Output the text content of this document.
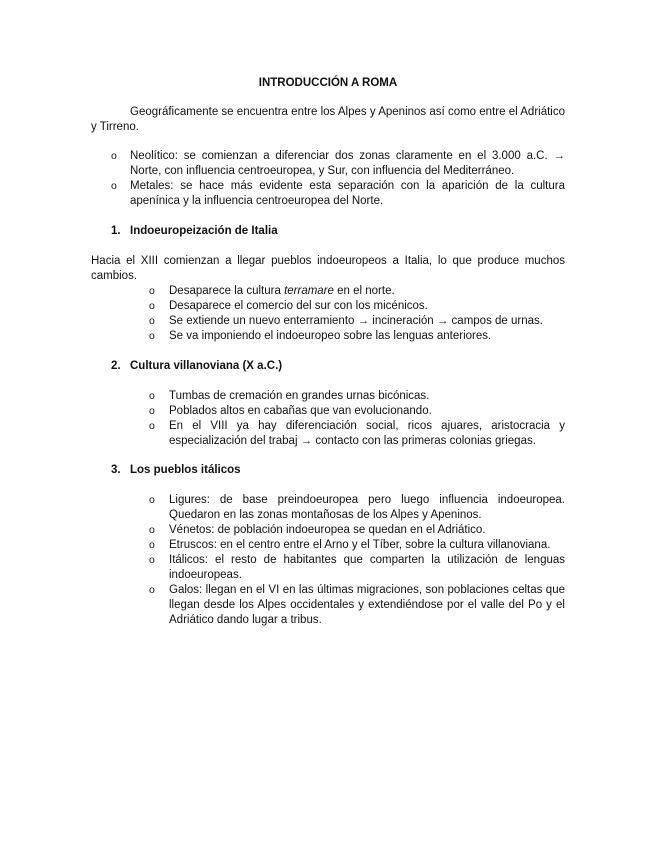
INTRODUCCIÓN A ROMA

Geográficamente se encuentra entre los Alpes y Apeninos así como entre el Adriático y Tirreno.

o Neolítico: se comienzan a diferenciar dos zonas claramente en el 3.000 a.C. → Norte, con influencia centroeuropea, y Sur, con influencia del Mediterráneo.
o Metales: se hace más evidente esta separación con la aparición de la cultura apenínica y la influencia centroeuropea del Norte.

1. Indoeuropeización de Italia

Hacia el XIII comienzan a llegar pueblos indoeuropeos a Italia, lo que produce muchos cambios.

o Desaparece la cultura terramare en el norte.
o Desaparece el comercio del sur con los micénicos.
o Se extiende un nuevo enterramiento → incineración → campos de urnas.
o Se va imponiendo el indoeuropeo sobre las lenguas anteriores.

2. Cultura villanoviana (X a.C.)

o Tumbas de cremación en grandes urnas bicónicas.
o Poblados altos en cabañas que van evolucionando.
o En el VIII ya hay diferenciación social, ricos ajuares, aristocracia y especialización del trabaj → contacto con las primeras colonias griegas.

3. Los pueblos itálicos

o Ligures: de base preindoeuropea pero luego influencia indoeuropea. Quedaron en las zonas montañosas de los Alpes y Apeninos.
o Vénetos: de población indoeuropea se quedan en el Adriático.
o Etruscos: en el centro entre el Arno y el Tíber, sobre la cultura villanoviana.
o Itálicos: el resto de habitantes que comparten la utilización de lenguas indoeuropeas.
o Galos: llegan en el VI en las últimas migraciones, son poblaciones celtas que llegan desde los Alpes occidentales y extendiéndose por el valle del Po y el Adriático dando lugar a tribus.
